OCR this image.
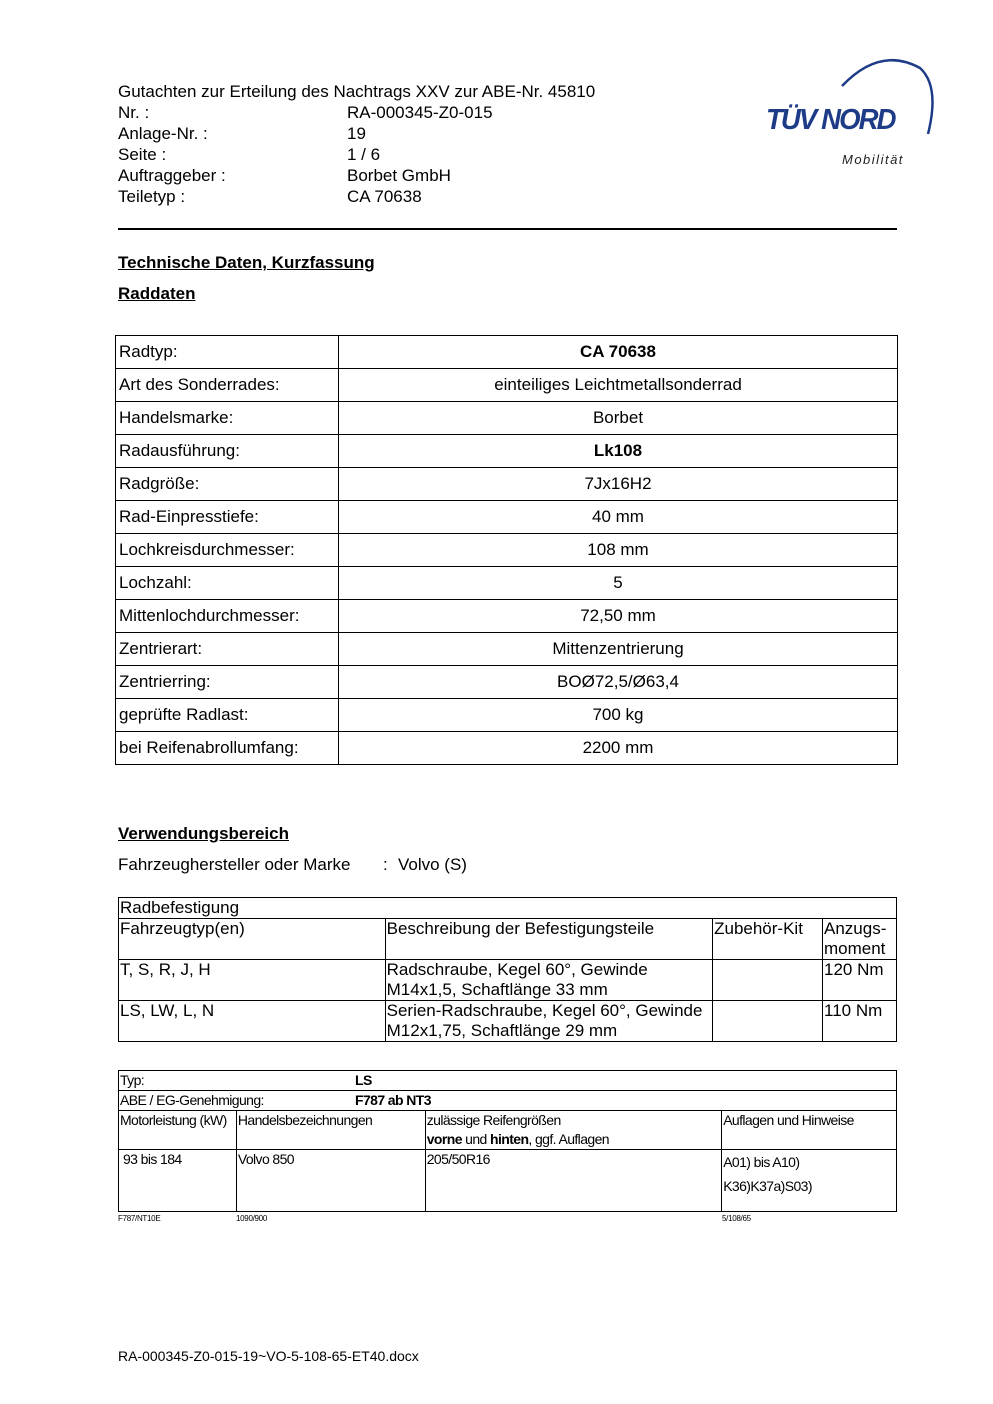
Gutachten zur Erteilung des Nachtrags XXV zur ABE-Nr. 45810
Nr. :	RA-000345-Z0-015
Anlage-Nr. :	19
Seite :	1 / 6
Auftraggeber :	Borbet GmbH
Teiletyp :	CA 70638
TÜV NORD
Mobilität
Technische Daten, Kurzfassung
Raddaten
Radtyp:	CA 70638
Art des Sonderrades:	einteiliges Leichtmetallsonderrad
Handelsmarke:	Borbet
Radausführung:	Lk108
Radgröße:	7Jx16H2
Rad-Einpresstiefe:	40 mm
Lochkreisdurchmesser:	108 mm
Lochzahl:	5
Mittenlochdurchmesser:	72,50 mm
Zentrierart:	Mittenzentrierung
Zentrierring:	BOØ72,5/Ø63,4
geprüfte Radlast:	700 kg
bei Reifenabrollumfang:	2200 mm
Verwendungsbereich
Fahrzeughersteller oder Marke : Volvo (S)
Radbefestigung			
Fahrzeugtyp(en)	Beschreibung der Befestigungsteile	Zubehör-Kit	Anzugs-
moment
T, S, R, J, H	Radschraube, Kegel 60°, Gewinde M14x1,5, Schaftlänge 33 mm		120 Nm
LS, LW, L, N	Serien-Radschraube, Kegel 60°, Gewinde M12x1,75, Schaftlänge 29 mm		110 Nm
Typ: LS			

ABE / EG-Genehmigung: F787 ab NT3			

Motorleistung (kW)	Handelsbezeichnungen	zulässige Reifengrößen
vorne und hinten, ggf. Auflagen	Auflagen und Hinweise
93 bis 184	Volvo 850	205/50R16	A01) bis A10)
K36)K37a)S03)
F787/NT10E	1090/900	5/108/65
RA-000345-Z0-015-19~VO-5-108-65-ET40.docx
